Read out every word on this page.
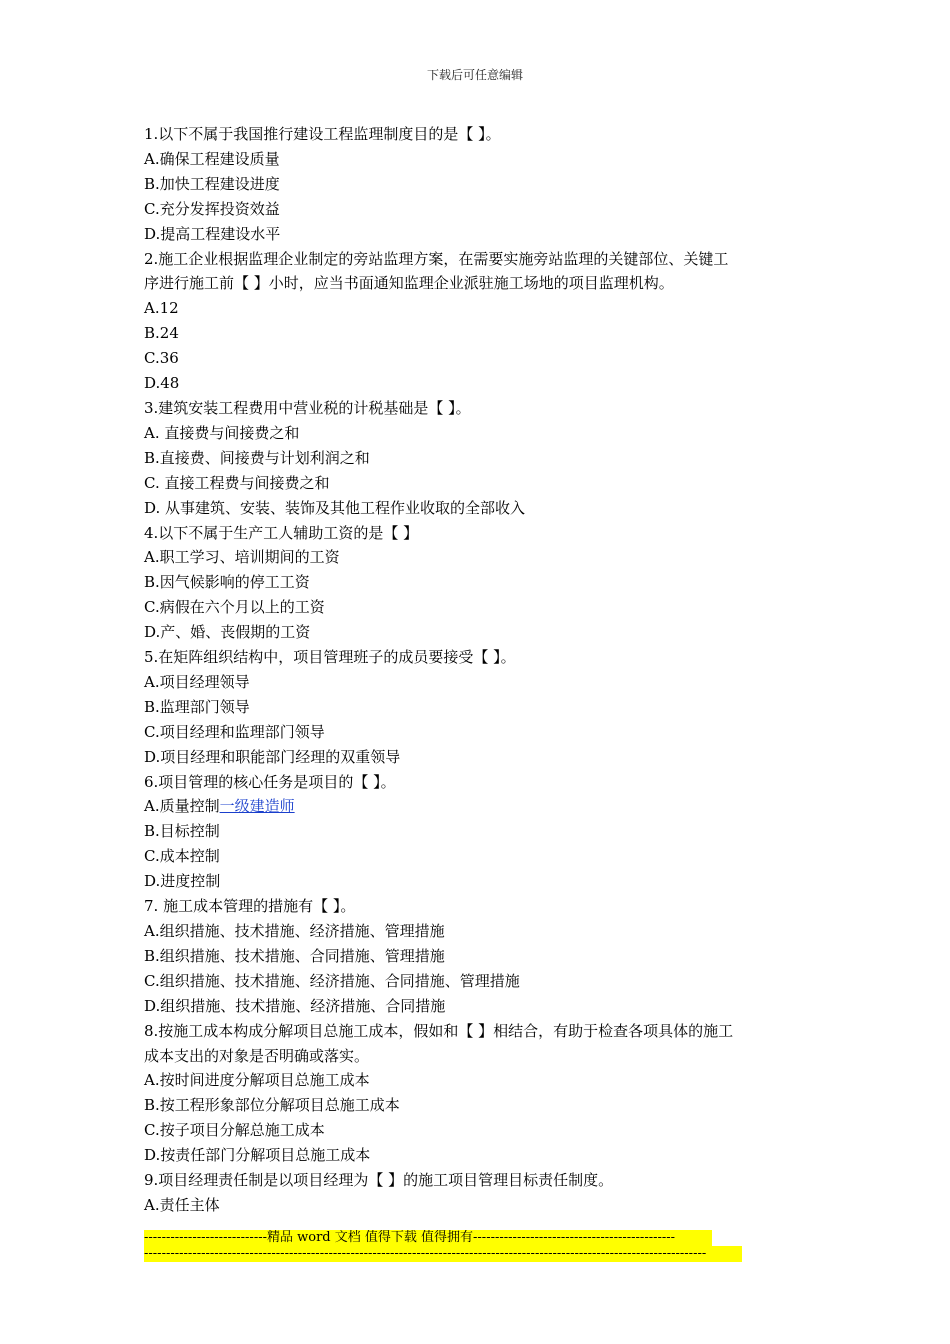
下载后可任意编辑

1.以下不属于我国推行建设工程监理制度目的是【 】。

A.确保工程建设质量

B.加快工程建设进度

C.充分发挥投资效益

D.提高工程建设水平

2.施工企业根据监理企业制定的旁站监理方案，在需要实施旁站监理的关键部位、关键工

序进行施工前【 】小时，应当书面通知监理企业派驻施工场地的项目监理机构。

A.12

B.24

C.36

D.48

3.建筑安装工程费用中营业税的计税基础是【 】。

A. 直接费与间接费之和

B.直接费、间接费与计划利润之和

C. 直接工程费与间接费之和

D. 从事建筑、安装、装饰及其他工程作业收取的全部收入

4.以下不属于生产工人辅助工资的是【 】

A.职工学习、培训期间的工资

B.因气候影响的停工工资

C.病假在六个月以上的工资

D.产、婚、丧假期的工资

5.在矩阵组织结构中，项目管理班子的成员要接受【 】。

A.项目经理领导

B.监理部门领导

C.项目经理和监理部门领导

D.项目经理和职能部门经理的双重领导

6.项目管理的核心任务是项目的【 】。

A.质量控制一级建造师

B.目标控制

C.成本控制

D.进度控制

7. 施工成本管理的措施有【 】。

A.组织措施、技术措施、经济措施、管理措施

B.组织措施、技术措施、合同措施、管理措施

C.组织措施、技术措施、经济措施、合同措施、管理措施

D.组织措施、技术措施、经济措施、合同措施

8.按施工成本构成分解项目总施工成本，假如和【 】相结合，有助于检查各项具体的施工

成本支出的对象是否明确或落实。

A.按时间进度分解项目总施工成本

B.按工程形象部位分解项目总施工成本

C.按子项目分解总施工成本

D.按责任部门分解项目总施工成本

9.项目经理责任制是以项目经理为【 】的施工项目管理目标责任制度。

A.责任主体

----------------------------精品 word 文档 值得下载 值得拥有----------------------------------------------
--------------------------------------------------------------------------------------------------------------------------------
